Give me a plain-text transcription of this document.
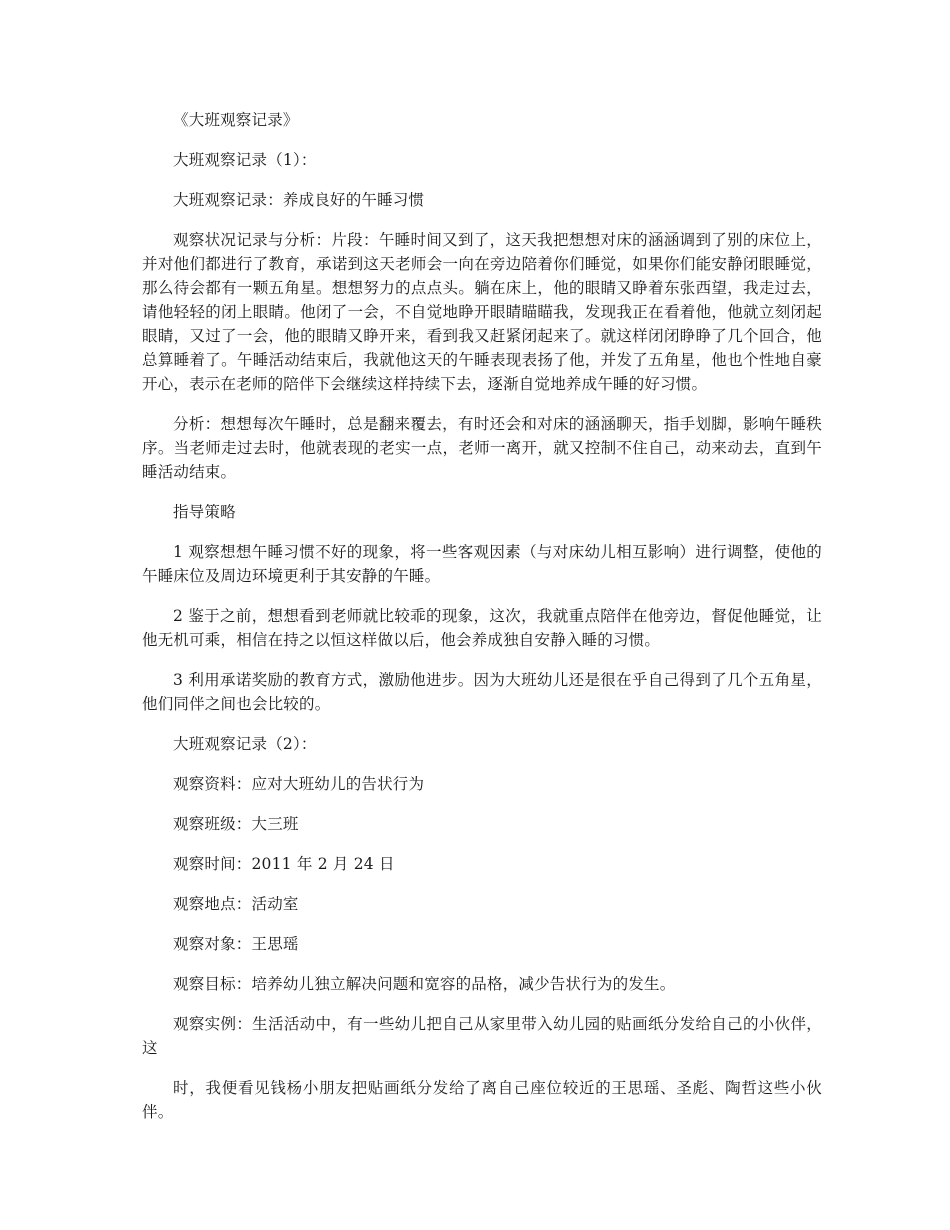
《大班观察记录》

大班观察记录（1）：

大班观察记录：养成良好的午睡习惯

观察状况记录与分析：片段：午睡时间又到了，这天我把想想对床的涵涵调到了别的床位上，并对他们都进行了教育，承诺到这天老师会一向在旁边陪着你们睡觉，如果你们能安静闭眼睡觉，那么待会都有一颗五角星。想想努力的点点头。躺在床上，他的眼睛又睁着东张西望，我走过去，请他轻轻的闭上眼睛。他闭了一会，不自觉地睁开眼睛瞄瞄我，发现我正在看着他，他就立刻闭起眼睛，又过了一会，他的眼睛又睁开来，看到我又赶紧闭起来了。就这样闭闭睁睁了几个回合，他总算睡着了。午睡活动结束后，我就他这天的午睡表现表扬了他，并发了五角星，他也个性地自豪开心，表示在老师的陪伴下会继续这样持续下去，逐渐自觉地养成午睡的好习惯。

分析：想想每次午睡时，总是翻来覆去，有时还会和对床的涵涵聊天，指手划脚，影响午睡秩序。当老师走过去时，他就表现的老实一点，老师一离开，就又控制不住自己，动来动去，直到午睡活动结束。

指导策略

1 观察想想午睡习惯不好的现象，将一些客观因素（与对床幼儿相互影响）进行调整，使他的午睡床位及周边环境更利于其安静的午睡。

2 鉴于之前，想想看到老师就比较乖的现象，这次，我就重点陪伴在他旁边，督促他睡觉，让他无机可乘，相信在持之以恒这样做以后，他会养成独自安静入睡的习惯。

3 利用承诺奖励的教育方式，激励他进步。因为大班幼儿还是很在乎自己得到了几个五角星，他们同伴之间也会比较的。

大班观察记录（2）：

观察资料：应对大班幼儿的告状行为

观察班级：大三班

观察时间：2011 年 2 月 24 日

观察地点：活动室

观察对象：王思瑶

观察目标：培养幼儿独立解决问题和宽容的品格，减少告状行为的发生。

观察实例：生活活动中，有一些幼儿把自己从家里带入幼儿园的贴画纸分发给自己的小伙伴，这

时，我便看见钱杨小朋友把贴画纸分发给了离自己座位较近的王思瑶、圣彪、陶哲这些小伙伴。
